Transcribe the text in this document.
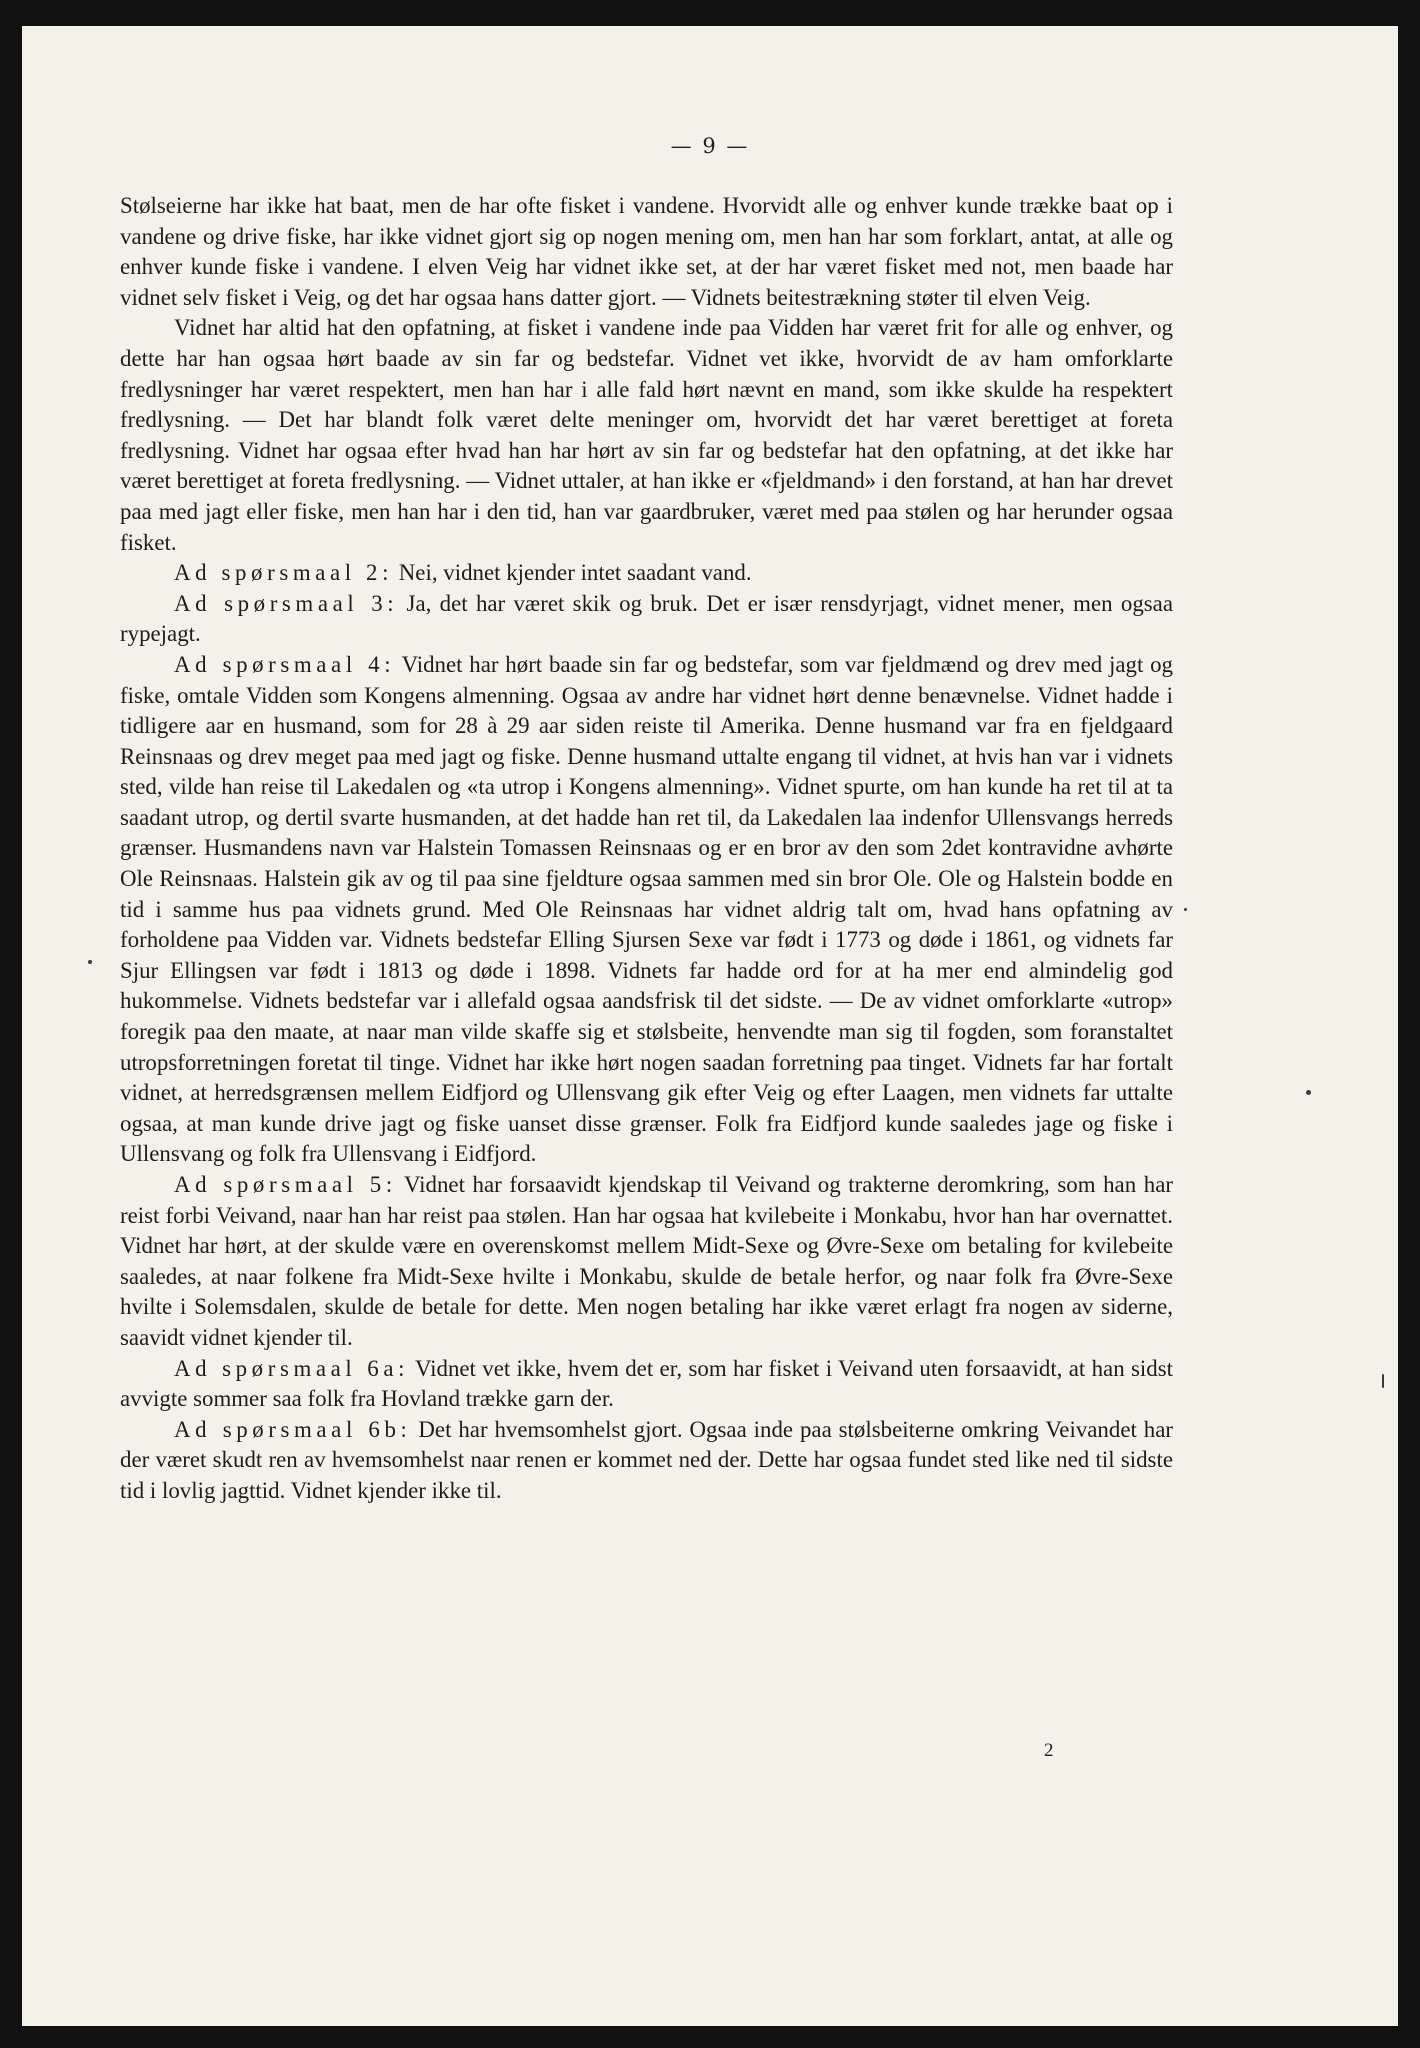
— 9 —

Stølseierne har ikke hat baat, men de har ofte fisket i vandene. Hvorvidt alle og enhver kunde trække baat op i vandene og drive fiske, har ikke vidnet gjort sig op nogen mening om, men han har som forklart, antat, at alle og enhver kunde fiske i vandene. I elven Veig har vidnet ikke set, at der har været fisket med not, men baade har vidnet selv fisket i Veig, og det har ogsaa hans datter gjort. — Vidnets beitestrækning støter til elven Veig.

Vidnet har altid hat den opfatning, at fisket i vandene inde paa Vidden har været frit for alle og enhver, og dette har han ogsaa hørt baade av sin far og bedstefar. Vidnet vet ikke, hvorvidt de av ham omforklarte fredlysninger har været respektert, men han har i alle fald hørt nævnt en mand, som ikke skulde ha respektert fredlysning. — Det har blandt folk været delte meninger om, hvorvidt det har været berettiget at foreta fredlysning. Vidnet har ogsaa efter hvad han har hørt av sin far og bedstefar hat den opfatning, at det ikke har været berettiget at foreta fredlysning. — Vidnet uttaler, at han ikke er «fjeldmand» i den forstand, at han har drevet paa med jagt eller fiske, men han har i den tid, han var gaardbruker, været med paa stølen og har herunder ogsaa fisket.

Ad spørsmaal 2: Nei, vidnet kjender intet saadant vand.

Ad spørsmaal 3: Ja, det har været skik og bruk. Det er især rensdyrjagt, vidnet mener, men ogsaa rypejagt.

Ad spørsmaal 4: Vidnet har hørt baade sin far og bedstefar, som var fjeldmænd og drev med jagt og fiske, omtale Vidden som Kongens almenning. Ogsaa av andre har vidnet hørt denne benævnelse. Vidnet hadde i tidligere aar en husmand, som for 28 à 29 aar siden reiste til Amerika. Denne husmand var fra en fjeldgaard Reinsnaas og drev meget paa med jagt og fiske. Denne husmand uttalte engang til vidnet, at hvis han var i vidnets sted, vilde han reise til Lakedalen og «ta utrop i Kongens almenning». Vidnet spurte, om han kunde ha ret til at ta saadant utrop, og dertil svarte husmanden, at det hadde han ret til, da Lakedalen laa indenfor Ullensvangs herreds grænser. Husmandens navn var Halstein Tomassen Reinsnaas og er en bror av den som 2det kontravidne avhørte Ole Reinsnaas. Halstein gik av og til paa sine fjeldture ogsaa sammen med sin bror Ole. Ole og Halstein bodde en tid i samme hus paa vidnets grund. Med Ole Reinsnaas har vidnet aldrig talt om, hvad hans opfatning av forholdene paa Vidden var. Vidnets bedstefar Elling Sjursen Sexe var født i 1773 og døde i 1861, og vidnets far Sjur Ellingsen var født i 1813 og døde i 1898. Vidnets far hadde ord for at ha mer end almindelig god hukommelse. Vidnets bedstefar var i allefald ogsaa aandsfrisk til det sidste. — De av vidnet omforklarte «utrop» foregik paa den maate, at naar man vilde skaffe sig et stølsbeite, henvendte man sig til fogden, som foranstaltet utropsforretningen foretat til tinge. Vidnet har ikke hørt nogen saadan forretning paa tinget. Vidnets far har fortalt vidnet, at herredsgrænsen mellem Eidfjord og Ullensvang gik efter Veig og efter Laagen, men vidnets far uttalte ogsaa, at man kunde drive jagt og fiske uanset disse grænser. Folk fra Eidfjord kunde saaledes jage og fiske i Ullensvang og folk fra Ullensvang i Eidfjord.

Ad spørsmaal 5: Vidnet har forsaavidt kjendskap til Veivand og trakterne deromkring, som han har reist forbi Veivand, naar han har reist paa stølen. Han har ogsaa hat kvilebeite i Monkabu, hvor han har overnattet. Vidnet har hørt, at der skulde være en overenskomst mellem Midt-Sexe og Øvre-Sexe om betaling for kvilebeite saaledes, at naar folkene fra Midt-Sexe hvilte i Monkabu, skulde de betale herfor, og naar folk fra Øvre-Sexe hvilte i Solemsdalen, skulde de betale for dette. Men nogen betaling har ikke været erlagt fra nogen av siderne, saavidt vidnet kjender til.

Ad spørsmaal 6a: Vidnet vet ikke, hvem det er, som har fisket i Veivand uten forsaavidt, at han sidst avvigte sommer saa folk fra Hovland trække garn der.

Ad spørsmaal 6b: Det har hvemsomhelst gjort. Ogsaa inde paa stølsbeiterne omkring Veivandet har der været skudt ren av hvemsomhelst naar renen er kommet ned der. Dette har ogsaa fundet sted like ned til sidste tid i lovlig jagttid. Vidnet kjender ikke til.

2
